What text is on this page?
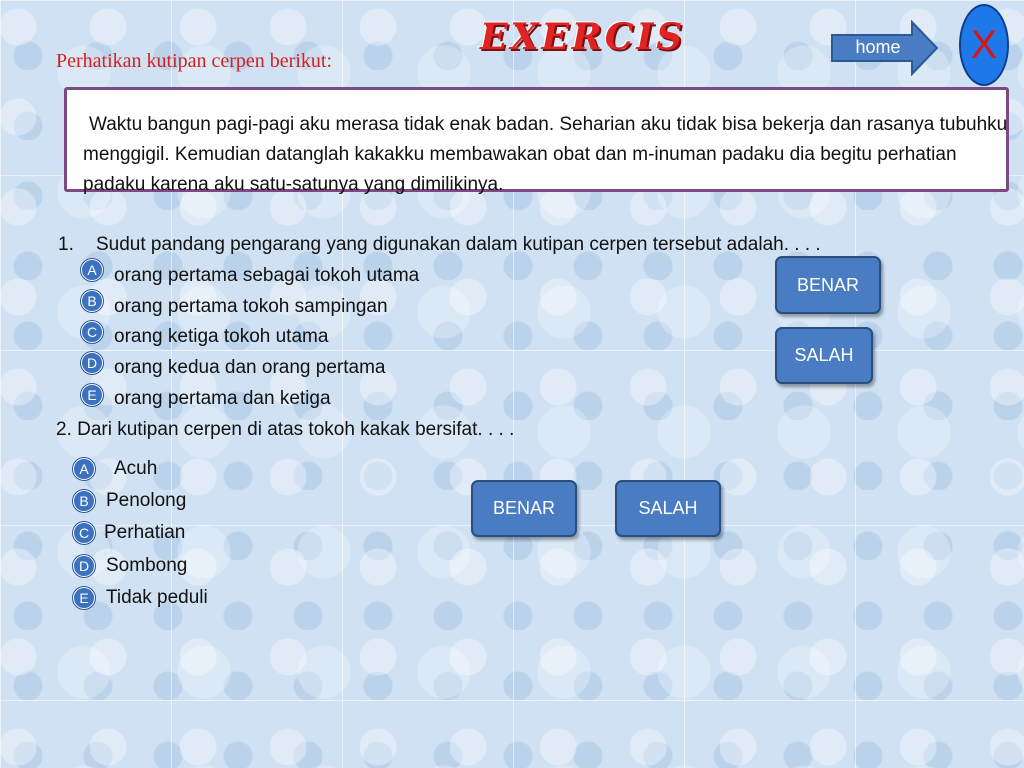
Perhatikan kutipan cerpen berikut:
EXERCIS	home	X
Waktu bangun pagi-pagi aku merasa tidak enak badan. Seharian aku tidak bisa bekerja dan rasanya tubuhku menggigil. Kemudian datanglah kakakku membawakan obat dan m-inuman padaku dia begitu perhatian padaku karena aku satu-satunya yang dimilikinya.
1. Sudut pandang pengarang yang digunakan dalam kutipan cerpen tersebut adalah. . . .
A orang pertama sebagai tokoh utama
B orang pertama tokoh sampingan
C orang ketiga tokoh utama
D orang kedua dan orang pertama
E orang pertama dan ketiga
BENAR
SALAH
2. Dari kutipan cerpen di atas tokoh kakak bersifat. . . .
A	Acuh
B Penolong
C Perhatian
D Sombong
E Tidak peduli
BENAR	SALAH
